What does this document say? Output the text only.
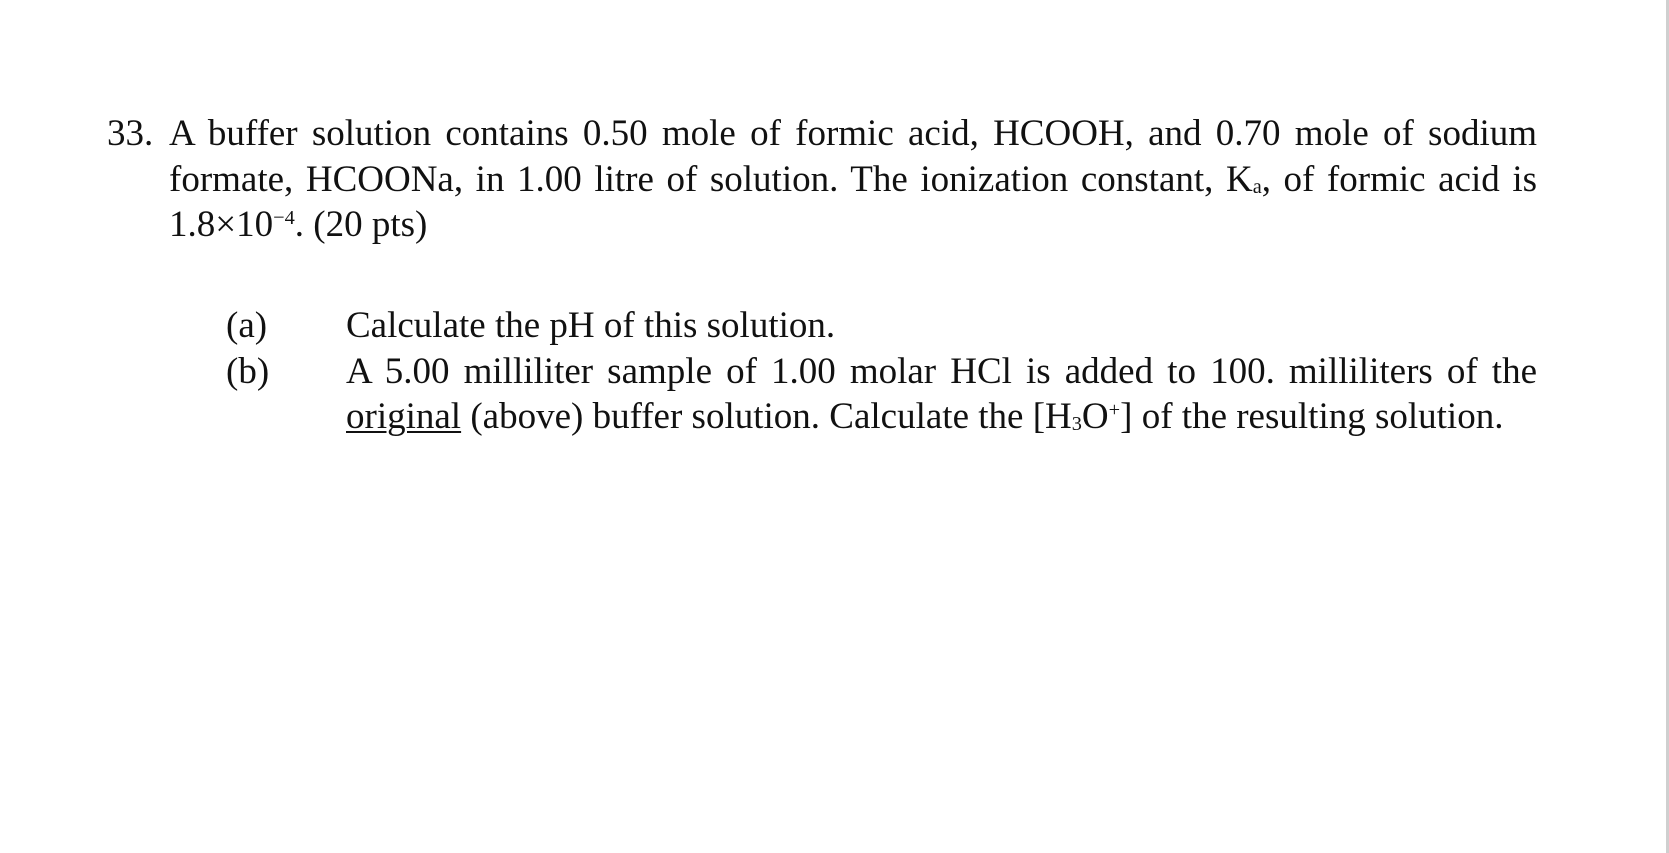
33. A buffer solution contains 0.50 mole of formic acid, HCOOH, and 0.70 mole of sodium formate, HCOONa, in 1.00 litre of solution. The ionization constant, $K_a$, of formic acid is $1.8\times 10^{-4}$. (20 pts)
(a)	Calculate the pH of this solution.
(b)	A 5.00 milliliter sample of 1.00 molar HCl is added to 100. milliliters of the original (above) buffer solution. Calculate the $[H_3O^+]$ of the resulting solution.
